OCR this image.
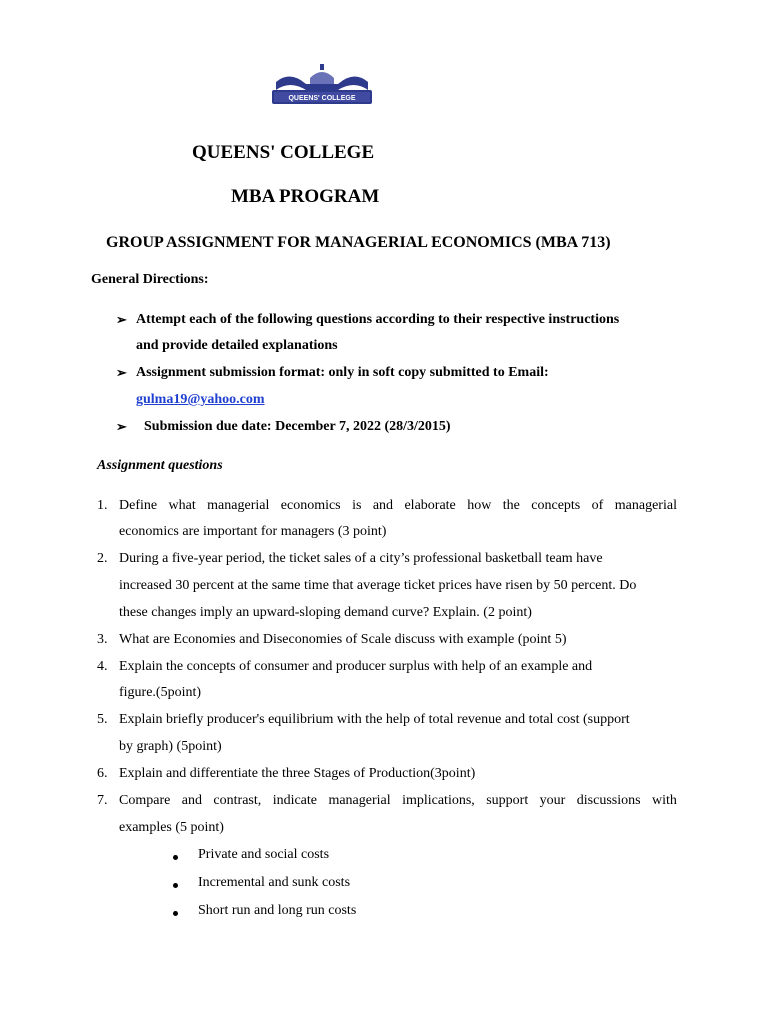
QUEENS' COLLEGE
QUEENS' COLLEGE
MBA PROGRAM
GROUP ASSIGNMENT FOR MANAGERIAL ECONOMICS (MBA 713)
General Directions:
➢ Attempt each of the following questions according to their respective instructions
and provide detailed explanations
➢ Assignment submission format: only in soft copy submitted to Email:
gulma19@yahoo.com
➢ Submission due date: December 7, 2022 (28/3/2015)
Assignment questions
1. Define what managerial economics is and elaborate how the concepts of managerial
economics are important for managers (3 point)
2. During a five-year period, the ticket sales of a city’s professional basketball team have
increased 30 percent at the same time that average ticket prices have risen by 50 percent. Do
these changes imply an upward-sloping demand curve? Explain. (2 point)
3. What are Economies and Diseconomies of Scale discuss with example (point 5)
4. Explain the concepts of consumer and producer surplus with help of an example and
figure.(5point)
5. Explain briefly producer's equilibrium with the help of total revenue and total cost (support
by graph) (5point)
6. Explain and differentiate the three Stages of Production(3point)
7. Compare and contrast, indicate managerial implications, support your discussions with
examples (5 point)
Private and social costs
Incremental and sunk costs
Short run and long run costs
